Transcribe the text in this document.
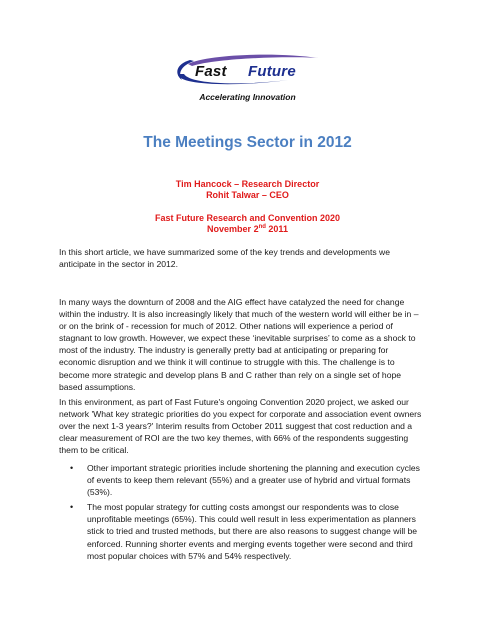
Fast Future
Accelerating Innovation
The Meetings Sector in 2012
Tim Hancock – Research Director
Rohit Talwar – CEO
Fast Future Research and Convention 2020
November 2nd 2011

In this short article, we have summarized some of the key trends and developments we
anticipate in the sector in 2012.

In many ways the downturn of 2008 and the AIG effect have catalyzed the need for change
within the industry. It is also increasingly likely that much of the western world will either be in –
or on the brink of - recession for much of 2012. Other nations will experience a period of
stagnant to low growth. However, we expect these ‘inevitable surprises’ to come as a shock to
most of the industry. The industry is generally pretty bad at anticipating or preparing for
economic disruption and we think it will continue to struggle with this. The challenge is to
become more strategic and develop plans B and C rather than rely on a single set of hope
based assumptions.

In this environment, as part of Fast Future's ongoing Convention 2020 project, we asked our
network 'What key strategic priorities do you expect for corporate and association event owners
over the next 1-3 years?' Interim results from October 2011 suggest that cost reduction and a
clear measurement of ROI are the two key themes, with 66% of the respondents suggesting
them to be critical.

• Other important strategic priorities include shortening the planning and execution cycles
of events to keep them relevant (55%) and a greater use of hybrid and virtual formats
(53%).
• The most popular strategy for cutting costs amongst our respondents was to close
unprofitable meetings (65%). This could well result in less experimentation as planners
stick to tried and trusted methods, but there are also reasons to suggest change will be
enforced. Running shorter events and merging events together were second and third
most popular choices with 57% and 54% respectively.
